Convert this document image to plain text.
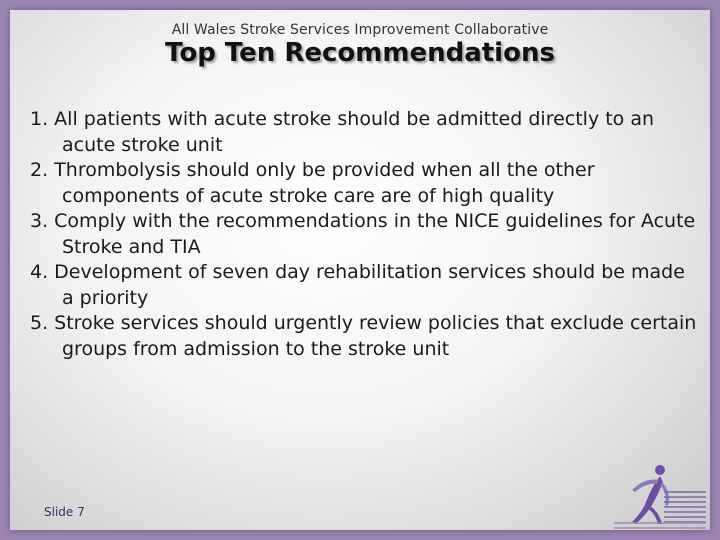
All Wales Stroke Services Improvement Collaborative
Top Ten Recommendations
1. All patients with acute stroke should be admitted directly to an acute stroke unit
2. Thrombolysis should only be provided when all the other components of acute stroke care are of high quality
3. Comply with the recommendations in the NICE guidelines for Acute Stroke and TIA
4. Development of seven day rehabilitation services should be made a priority
5. Stroke services should urgently review policies that exclude certain groups from admission to the stroke unit
Slide 7
